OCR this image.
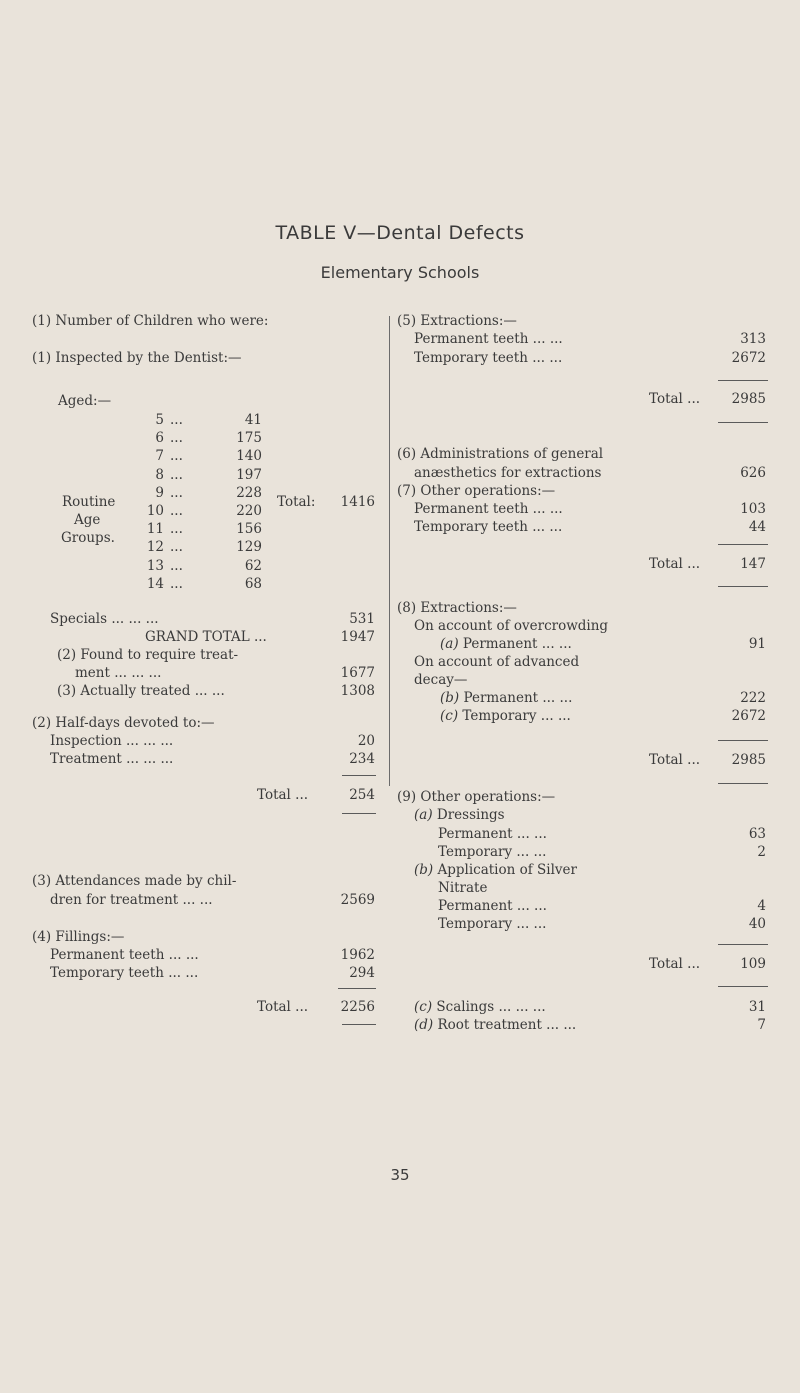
TABLE V—Dental Defects
Elementary Schools
(1) Number of Children who were:
(1) Inspected by the Dentist:—
Aged:—
5 ...	41
6 ...	175
7 ...	140
8 ...	197
9 ...	228
10 ...	220
11 ...	156
12 ...	129
13 ...	62
14 ...	68
Routine
Age
Groups.
Total:	1416
Specials ... ... ...	531
GRAND TOTAL ...	1947
(2) Found to require treat-
ment ... ... ...	1677
(3) Actually treated ... ...	1308
(2) Half-days devoted to:—
Inspection ... ... ...	20
Treatment ... ... ...	234
Total ...	254
(3) Attendances made by chil-
dren for treatment ... ...	2569
(4) Fillings:—
Permanent teeth ... ...	1962
Temporary teeth ... ...	294
Total ...	2256
(5) Extractions:—
Permanent teeth ... ...	313
Temporary teeth ... ...	2672
Total ...	2985
(6) Administrations of general
anæsthetics for extractions	626
(7) Other operations:—
Permanent teeth ... ...	103
Temporary teeth ... ...	44
Total ...	147
(8) Extractions:—
On account of overcrowding
(a) Permanent ... ...	91
On account of advanced
decay—
(b) Permanent ... ...	222
(c) Temporary ... ...	2672
Total ...	2985
(9) Other operations:—
(a) Dressings
Permanent ... ...	63
Temporary ... ...	2
(b) Application of Silver
Nitrate
Permanent ... ...	4
Temporary ... ...	40
Total ...	109
(c) Scalings ... ... ...	31
(d) Root treatment ... ...	7
35
